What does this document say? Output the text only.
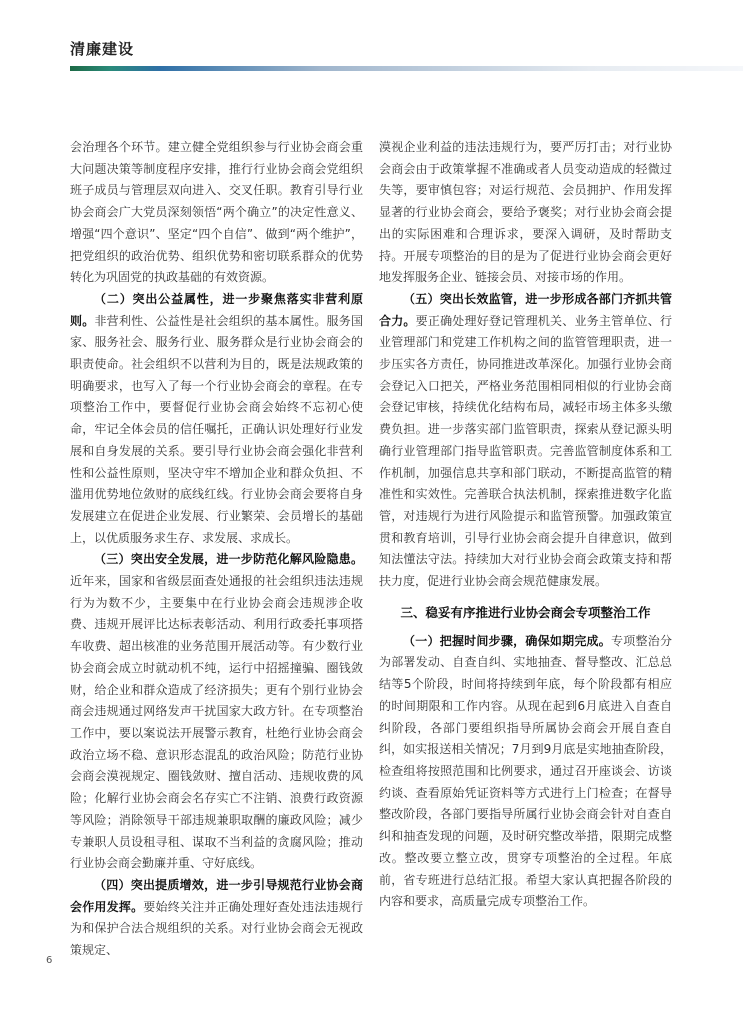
清廉建设

会治理各个环节。建立健全党组织参与行业协会商会重大问题决策等制度程序安排，推行行业协会商会党组织班子成员与管理层双向进入、交叉任职。教育引导行业协会商会广大党员深刻领悟“两个确立”的决定性意义、增强“四个意识”、坚定“四个自信”、做到“两个维护”，把党组织的政治优势、组织优势和密切联系群众的优势转化为巩固党的执政基础的有效资源。

（二）突出公益属性，进一步聚焦落实非营利原则。非营利性、公益性是社会组织的基本属性。服务国家、服务社会、服务行业、服务群众是行业协会商会的职责使命。社会组织不以营利为目的，既是法规政策的明确要求，也写入了每一个行业协会商会的章程。在专项整治工作中，要督促行业协会商会始终不忘初心使命，牢记全体会员的信任嘱托，正确认识处理好行业发展和自身发展的关系。要引导行业协会商会强化非营利性和公益性原则，坚决守牢不增加企业和群众负担、不滥用优势地位敛财的底线红线。行业协会商会要将自身发展建立在促进企业发展、行业繁荣、会员增长的基础上，以优质服务求生存、求发展、求成长。

（三）突出安全发展，进一步防范化解风险隐患。近年来，国家和省级层面查处通报的社会组织违法违规行为为数不少，主要集中在行业协会商会违规涉企收费、违规开展评比达标表彰活动、利用行政委托事项搭车收费、超出核准的业务范围开展活动等。有少数行业协会商会成立时就动机不纯，运行中招摇撞骗、圈钱敛财，给企业和群众造成了经济损失；更有个别行业协会商会违规通过网络发声干扰国家大政方针。在专项整治工作中，要以案说法开展警示教育，杜绝行业协会商会政治立场不稳、意识形态混乱的政治风险；防范行业协会商会漠视规定、圈钱敛财、擅自活动、违规收费的风险；化解行业协会商会名存实亡不注销、浪费行政资源等风险；消除领导干部违规兼职取酬的廉政风险；减少专兼职人员设租寻租、谋取不当利益的贪腐风险；推动行业协会商会勤廉并重、守好底线。

（四）突出提质增效，进一步引导规范行业协会商会作用发挥。要始终关注并正确处理好查处违法违规行为和保护合法合规组织的关系。对行业协会商会无视政策规定、

漠视企业利益的违法违规行为，要严厉打击；对行业协会商会由于政策掌握不准确或者人员变动造成的轻微过失等，要审慎包容；对运行规范、会员拥护、作用发挥显著的行业协会商会，要给予褒奖；对行业协会商会提出的实际困难和合理诉求，要深入调研，及时帮助支持。开展专项整治的目的是为了促进行业协会商会更好地发挥服务企业、链接会员、对接市场的作用。

（五）突出长效监管，进一步形成各部门齐抓共管合力。要正确处理好登记管理机关、业务主管单位、行业管理部门和党建工作机构之间的监管管理职责，进一步压实各方责任，协同推进改革深化。加强行业协会商会登记入口把关，严格业务范围相同相似的行业协会商会登记审核，持续优化结构布局，减轻市场主体多头缴费负担。进一步落实部门监管职责，探索从登记源头明确行业管理部门指导监管职责。完善监管制度体系和工作机制，加强信息共享和部门联动，不断提高监管的精准性和实效性。完善联合执法机制，探索推进数字化监管，对违规行为进行风险提示和监管预警。加强政策宣贯和教育培训，引导行业协会商会提升自律意识，做到知法懂法守法。持续加大对行业协会商会政策支持和帮扶力度，促进行业协会商会规范健康发展。

三、稳妥有序推进行业协会商会专项整治工作

（一）把握时间步骤，确保如期完成。专项整治分为部署发动、自查自纠、实地抽查、督导整改、汇总总结等5个阶段，时间将持续到年底，每个阶段都有相应的时间期限和工作内容。从现在起到6月底进入自查自纠阶段，各部门要组织指导所属协会商会开展自查自纠，如实报送相关情况；7月到9月底是实地抽查阶段，检查组将按照范围和比例要求，通过召开座谈会、访谈约谈、查看原始凭证资料等方式进行上门检查；在督导整改阶段，各部门要指导所属行业协会商会针对自查自纠和抽查发现的问题，及时研究整改举措，限期完成整改。整改要立整立改，贯穿专项整治的全过程。年底前，省专班进行总结汇报。希望大家认真把握各阶段的内容和要求，高质量完成专项整治工作。

6
